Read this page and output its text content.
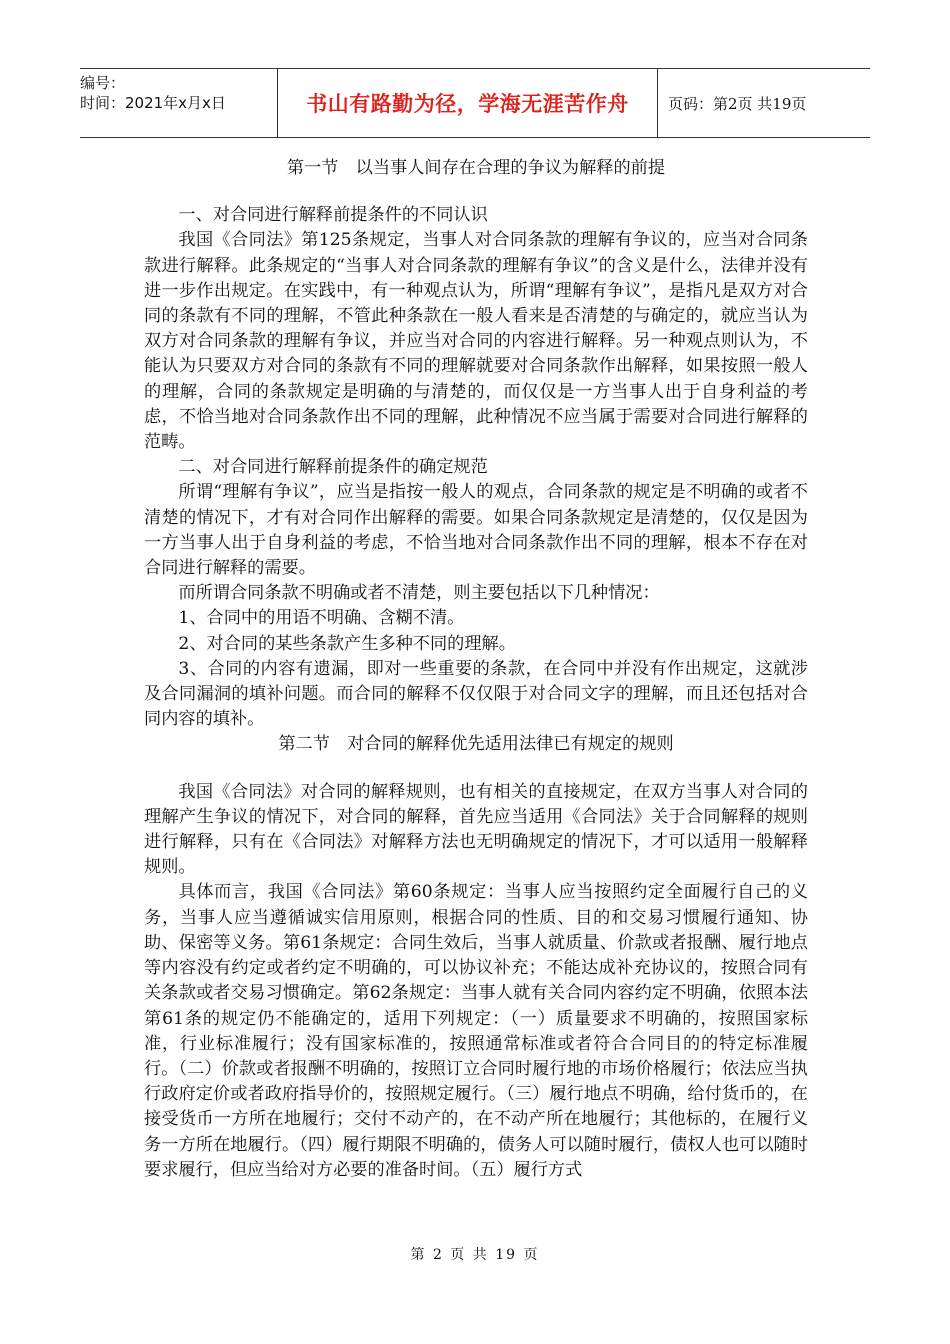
编号：
时间：2021年x月x日	书山有路勤为径，学海无涯苦作舟	页码：第2页 共19页

第一节　以当事人间存在合理的争议为解释的前提

一、对合同进行解释前提条件的不同认识

我国《合同法》第125条规定，当事人对合同条款的理解有争议的，应当对合同条款进行解释。此条规定的“当事人对合同条款的理解有争议”的含义是什么，法律并没有进一步作出规定。在实践中，有一种观点认为，所谓“理解有争议”，是指凡是双方对合同的条款有不同的理解，不管此种条款在一般人看来是否清楚的与确定的，就应当认为双方对合同条款的理解有争议，并应当对合同的内容进行解释。另一种观点则认为，不能认为只要双方对合同的条款有不同的理解就要对合同条款作出解释，如果按照一般人的理解，合同的条款规定是明确的与清楚的，而仅仅是一方当事人出于自身利益的考虑，不恰当地对合同条款作出不同的理解，此种情况不应当属于需要对合同进行解释的范畴。

二、对合同进行解释前提条件的确定规范

所谓“理解有争议”，应当是指按一般人的观点，合同条款的规定是不明确的或者不清楚的情况下，才有对合同作出解释的需要。如果合同条款规定是清楚的，仅仅是因为一方当事人出于自身利益的考虑，不恰当地对合同条款作出不同的理解，根本不存在对合同进行解释的需要。

而所谓合同条款不明确或者不清楚，则主要包括以下几种情况：

1、合同中的用语不明确、含糊不清。

2、对合同的某些条款产生多种不同的理解。

3、合同的内容有遗漏，即对一些重要的条款，在合同中并没有作出规定，这就涉及合同漏洞的填补问题。而合同的解释不仅仅限于对合同文字的理解，而且还包括对合同内容的填补。

第二节　对合同的解释优先适用法律已有规定的规则

我国《合同法》对合同的解释规则，也有相关的直接规定，在双方当事人对合同的理解产生争议的情况下，对合同的解释，首先应当适用《合同法》关于合同解释的规则进行解释，只有在《合同法》对解释方法也无明确规定的情况下，才可以适用一般解释规则。

具体而言，我国《合同法》第60条规定：当事人应当按照约定全面履行自己的义务，当事人应当遵循诚实信用原则，根据合同的性质、目的和交易习惯履行通知、协助、保密等义务。第61条规定：合同生效后，当事人就质量、价款或者报酬、履行地点等内容没有约定或者约定不明确的，可以协议补充；不能达成补充协议的，按照合同有关条款或者交易习惯确定。第62条规定：当事人就有关合同内容约定不明确，依照本法第61条的规定仍不能确定的，适用下列规定：（一）质量要求不明确的，按照国家标准，行业标准履行；没有国家标准的，按照通常标准或者符合合同目的的特定标准履行。（二）价款或者报酬不明确的，按照订立合同时履行地的市场价格履行；依法应当执行政府定价或者政府指导价的，按照规定履行。（三）履行地点不明确，给付货币的，在接受货币一方所在地履行；交付不动产的，在不动产所在地履行；其他标的，在履行义务一方所在地履行。（四）履行期限不明确的，债务人可以随时履行，债权人也可以随时要求履行，但应当给对方必要的准备时间。（五）履行方式

第 2 页 共 19 页
